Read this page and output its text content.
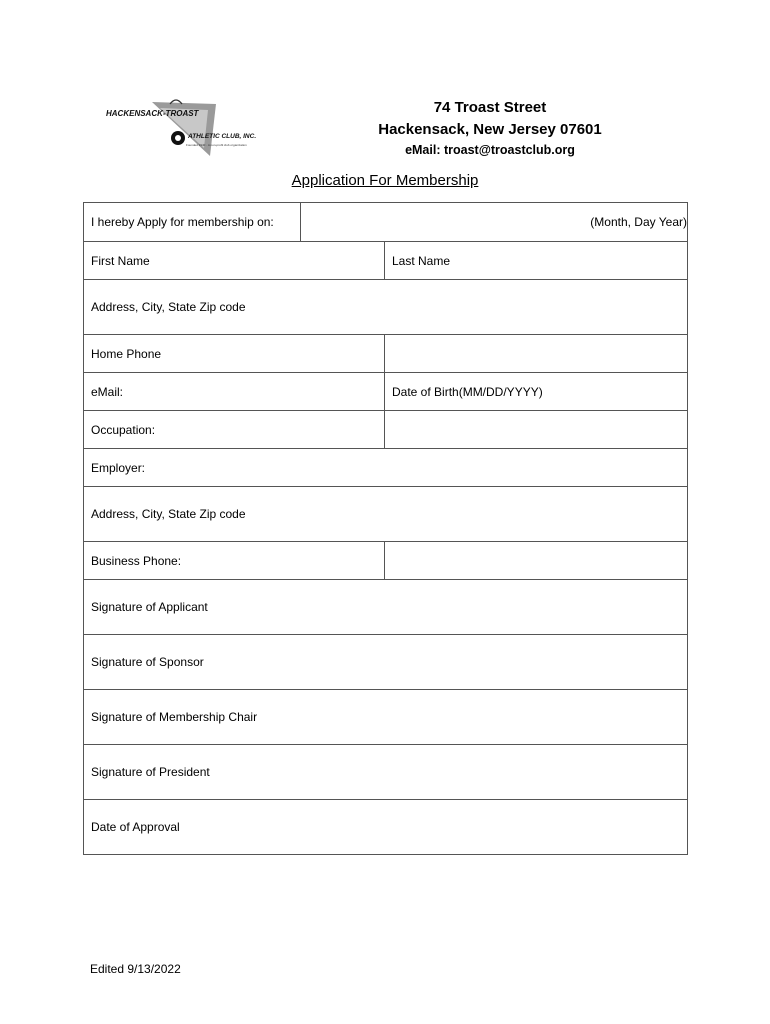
HACKENSACK-TROAST
ATHLETIC CLUB, INC.
Founded 1940 · A non-profit club organization
74 Troast Street
Hackensack, New Jersey 07601
eMail: troast@troastclub.org
Application For Membership
I hereby Apply for membership on:	(Month, Day Year)	
First Name		Last Name
Address, City, State Zip code		
Home Phone		
eMail:		Date of Birth(MM/DD/YYYY)
Occupation:		
Employer:		
Address, City, State Zip code		
Business Phone:		
Signature of Applicant		
Signature of Sponsor		
Signature of Membership Chair		
Signature of President		
Date of Approval		
Edited 9/13/2022
